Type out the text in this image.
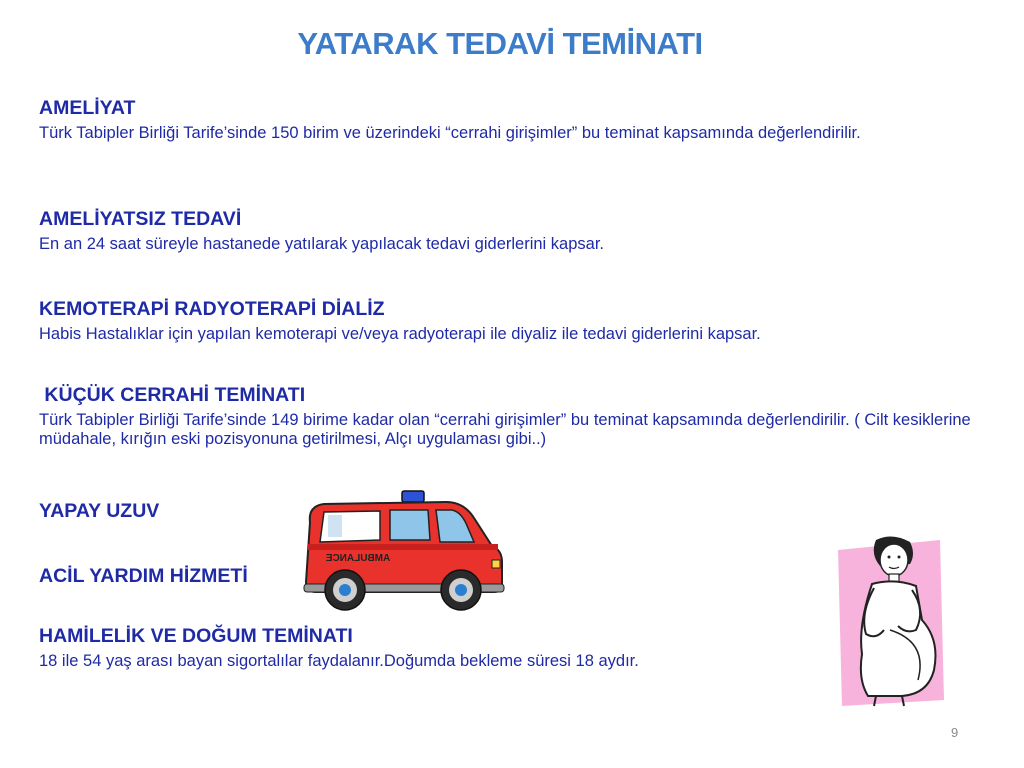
YATARAK TEDAVİ TEMİNATI
AMELİYAT
Türk Tabipler Birliği Tarife’sinde 150 birim ve üzerindeki “cerrahi girişimler” bu teminat kapsamında değerlendirilir.
AMELİYATSIZ TEDAVİ
En an 24 saat süreyle hastanede yatılarak yapılacak tedavi giderlerini kapsar.
KEMOTERAPİ RADYOTERAPİ DİALİZ
Habis Hastalıklar için yapılan kemoterapi ve/veya radyoterapi ile diyaliz ile tedavi giderlerini kapsar.
KÜÇÜK CERRAHİ TEMİNATI
Türk Tabipler Birliği Tarife’sinde 149 birime kadar olan “cerrahi girişimler” bu teminat kapsamında değerlendirilir. ( Cilt kesiklerine müdahale, kırığın eski pozisyonuna getirilmesi, Alçı uygulaması gibi..)
YAPAY UZUV
ACİL YARDIM HİZMETİ
HAMİLELİK VE DOĞUM TEMİNATI
18 ile 54 yaş arası bayan sigortalılar faydalanır.Doğumda bekleme süresi 18 aydır.
AMBULANCE
9
